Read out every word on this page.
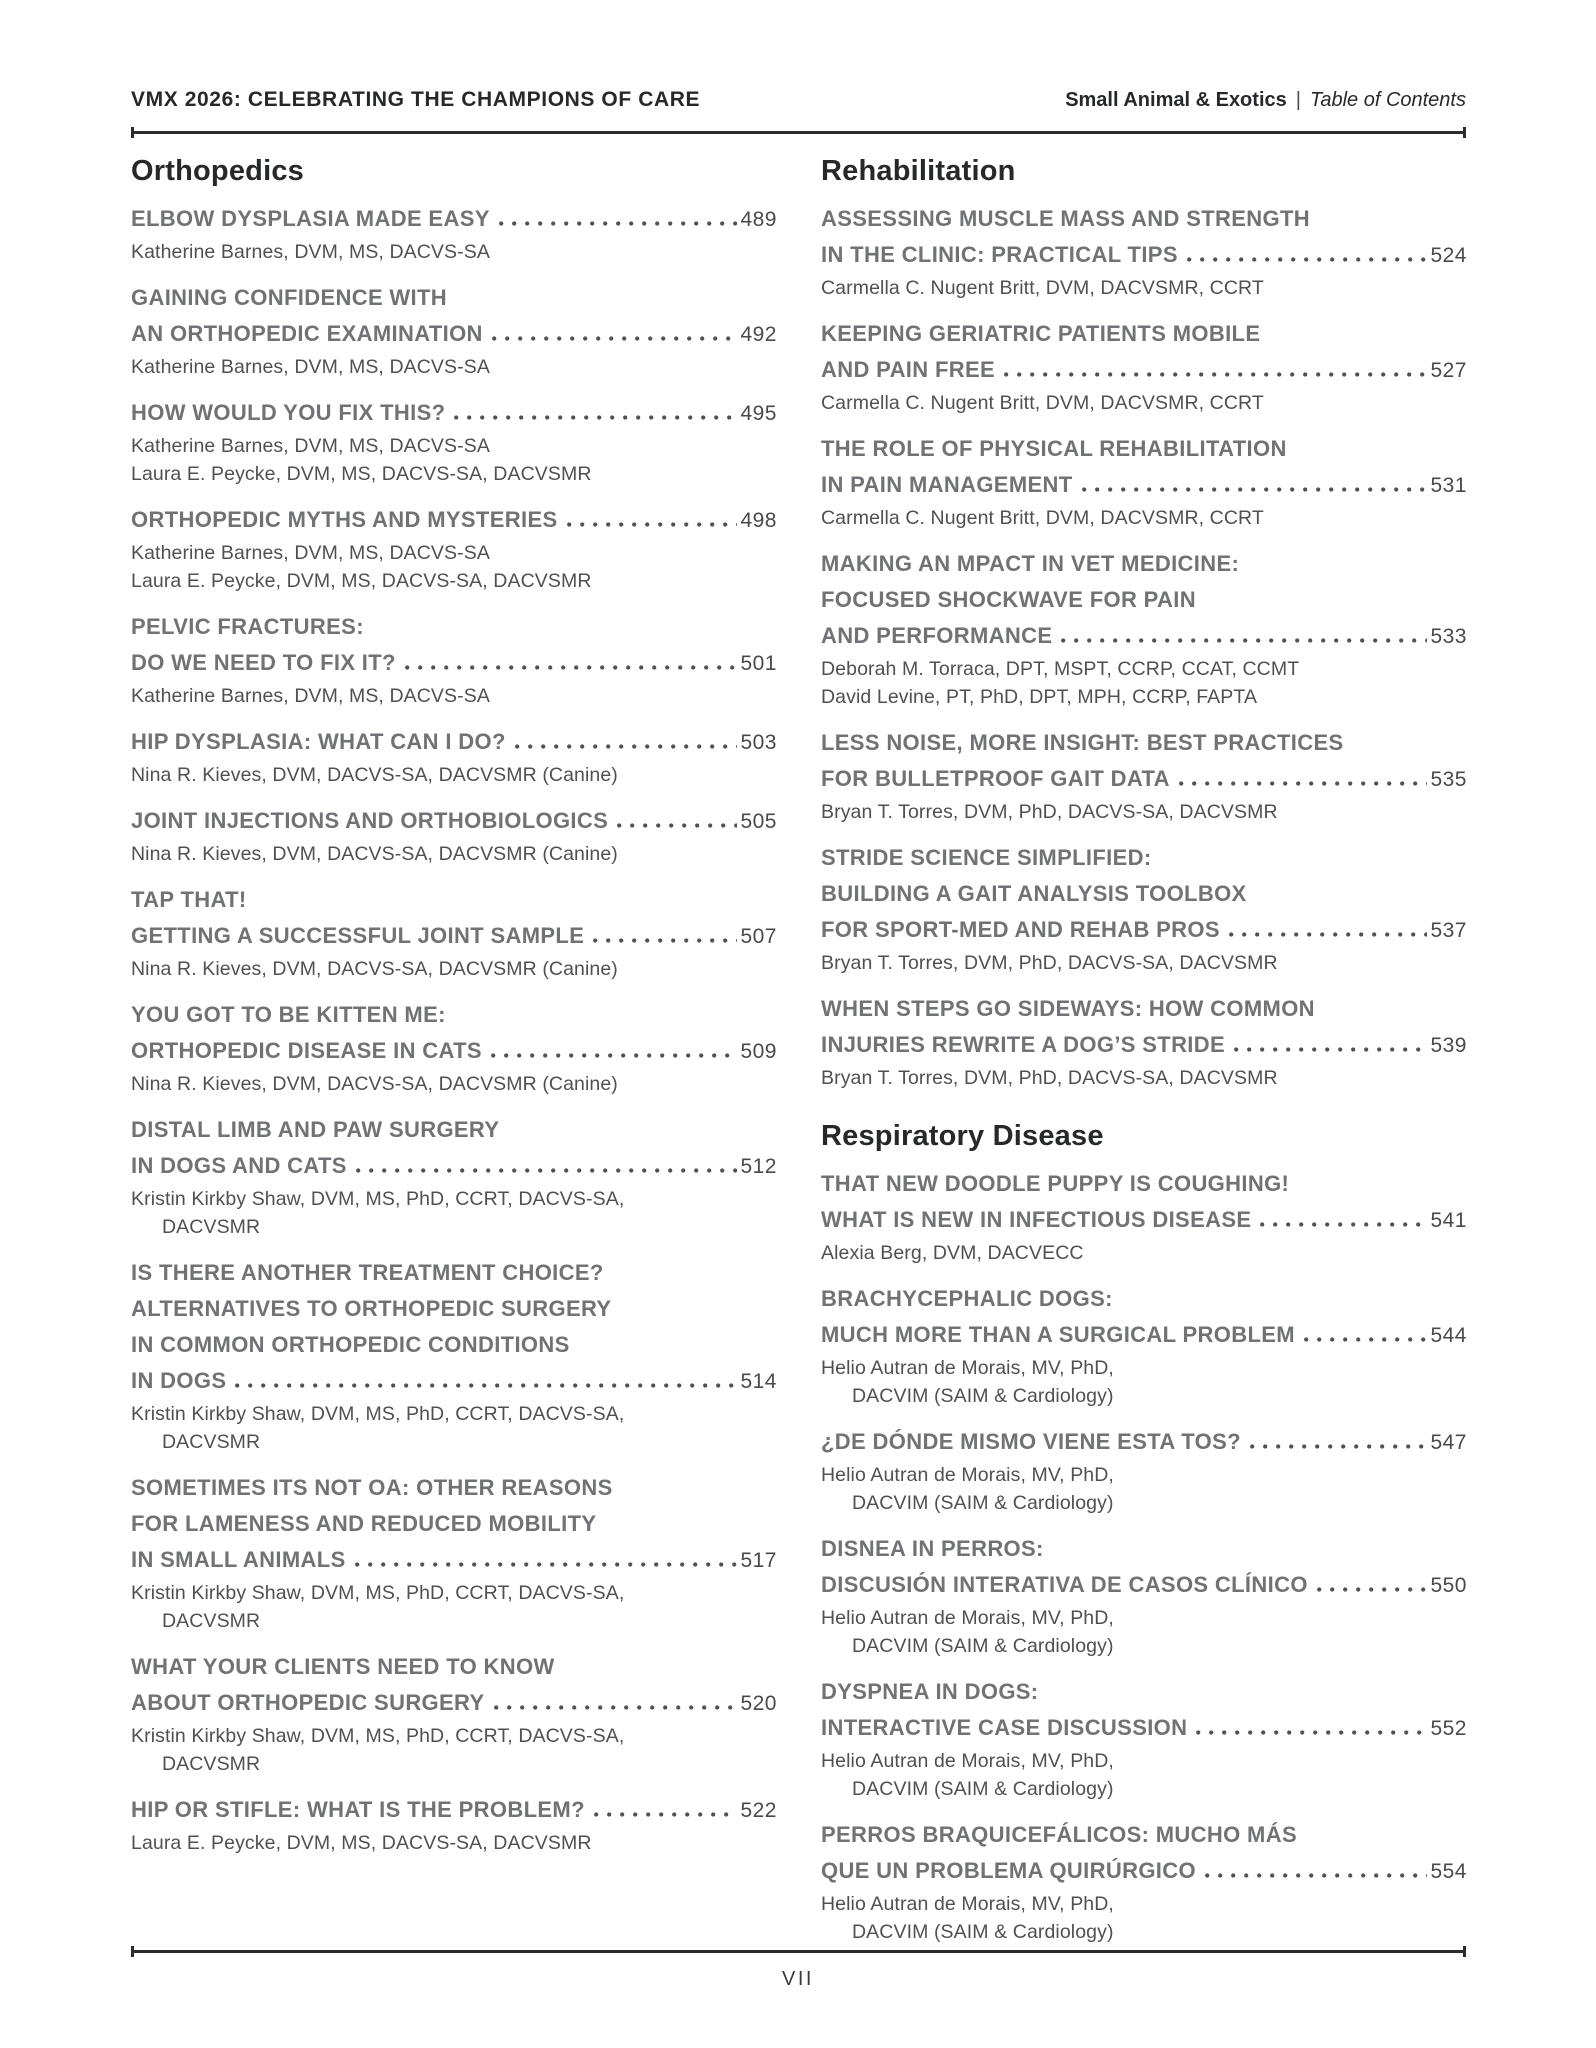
VMX 2026: CELEBRATING THE CHAMPIONS OF CARE	Small Animal & Exotics | Table of Contents
Orthopedics
ELBOW DYSPLASIA MADE EASY	489
Katherine Barnes, DVM, MS, DACVS-SA
GAINING CONFIDENCE WITH
AN ORTHOPEDIC EXAMINATION	492
Katherine Barnes, DVM, MS, DACVS-SA
HOW WOULD YOU FIX THIS?	495
Katherine Barnes, DVM, MS, DACVS-SA
Laura E. Peycke, DVM, MS, DACVS-SA, DACVSMR
ORTHOPEDIC MYTHS AND MYSTERIES	498
Katherine Barnes, DVM, MS, DACVS-SA
Laura E. Peycke, DVM, MS, DACVS-SA, DACVSMR
PELVIC FRACTURES:
DO WE NEED TO FIX IT?	501
Katherine Barnes, DVM, MS, DACVS-SA
HIP DYSPLASIA: WHAT CAN I DO?	503
Nina R. Kieves, DVM, DACVS-SA, DACVSMR (Canine)
JOINT INJECTIONS AND ORTHOBIOLOGICS	505
Nina R. Kieves, DVM, DACVS-SA, DACVSMR (Canine)
TAP THAT!
GETTING A SUCCESSFUL JOINT SAMPLE	507
Nina R. Kieves, DVM, DACVS-SA, DACVSMR (Canine)
YOU GOT TO BE KITTEN ME:
ORTHOPEDIC DISEASE IN CATS	509
Nina R. Kieves, DVM, DACVS-SA, DACVSMR (Canine)
DISTAL LIMB AND PAW SURGERY
IN DOGS AND CATS	512
Kristin Kirkby Shaw, DVM, MS, PhD, CCRT, DACVS-SA,
DACVSMR
IS THERE ANOTHER TREATMENT CHOICE?
ALTERNATIVES TO ORTHOPEDIC SURGERY
IN COMMON ORTHOPEDIC CONDITIONS
IN DOGS	514
Kristin Kirkby Shaw, DVM, MS, PhD, CCRT, DACVS-SA,
DACVSMR
SOMETIMES ITS NOT OA: OTHER REASONS
FOR LAMENESS AND REDUCED MOBILITY
IN SMALL ANIMALS	517
Kristin Kirkby Shaw, DVM, MS, PhD, CCRT, DACVS-SA,
DACVSMR
WHAT YOUR CLIENTS NEED TO KNOW
ABOUT ORTHOPEDIC SURGERY	520
Kristin Kirkby Shaw, DVM, MS, PhD, CCRT, DACVS-SA,
DACVSMR
HIP OR STIFLE: WHAT IS THE PROBLEM?	522
Laura E. Peycke, DVM, MS, DACVS-SA, DACVSMR
Rehabilitation
ASSESSING MUSCLE MASS AND STRENGTH
IN THE CLINIC: PRACTICAL TIPS	524
Carmella C. Nugent Britt, DVM, DACVSMR, CCRT
KEEPING GERIATRIC PATIENTS MOBILE
AND PAIN FREE	527
Carmella C. Nugent Britt, DVM, DACVSMR, CCRT
THE ROLE OF PHYSICAL REHABILITATION
IN PAIN MANAGEMENT	531
Carmella C. Nugent Britt, DVM, DACVSMR, CCRT
MAKING AN MPACT IN VET MEDICINE:
FOCUSED SHOCKWAVE FOR PAIN
AND PERFORMANCE	533
Deborah M. Torraca, DPT, MSPT, CCRP, CCAT, CCMT
David Levine, PT, PhD, DPT, MPH, CCRP, FAPTA
LESS NOISE, MORE INSIGHT: BEST PRACTICES
FOR BULLETPROOF GAIT DATA	535
Bryan T. Torres, DVM, PhD, DACVS-SA, DACVSMR
STRIDE SCIENCE SIMPLIFIED:
BUILDING A GAIT ANALYSIS TOOLBOX
FOR SPORT-MED AND REHAB PROS	537
Bryan T. Torres, DVM, PhD, DACVS-SA, DACVSMR
WHEN STEPS GO SIDEWAYS: HOW COMMON
INJURIES REWRITE A DOG’S STRIDE	539
Bryan T. Torres, DVM, PhD, DACVS-SA, DACVSMR
Respiratory Disease
THAT NEW DOODLE PUPPY IS COUGHING!
WHAT IS NEW IN INFECTIOUS DISEASE	541
Alexia Berg, DVM, DACVECC
BRACHYCEPHALIC DOGS:
MUCH MORE THAN A SURGICAL PROBLEM	544
Helio Autran de Morais, MV, PhD,
DACVIM (SAIM & Cardiology)
¿DE DÓNDE MISMO VIENE ESTA TOS?	547
Helio Autran de Morais, MV, PhD,
DACVIM (SAIM & Cardiology)
DISNEA IN PERROS:
DISCUSIÓN INTERATIVA DE CASOS CLÍNICO	550
Helio Autran de Morais, MV, PhD,
DACVIM (SAIM & Cardiology)
DYSPNEA IN DOGS:
INTERACTIVE CASE DISCUSSION	552
Helio Autran de Morais, MV, PhD,
DACVIM (SAIM & Cardiology)
PERROS BRAQUICEFÁLICOS: MUCHO MÁS
QUE UN PROBLEMA QUIRÚRGICO	554
Helio Autran de Morais, MV, PhD,
DACVIM (SAIM & Cardiology)
VII
